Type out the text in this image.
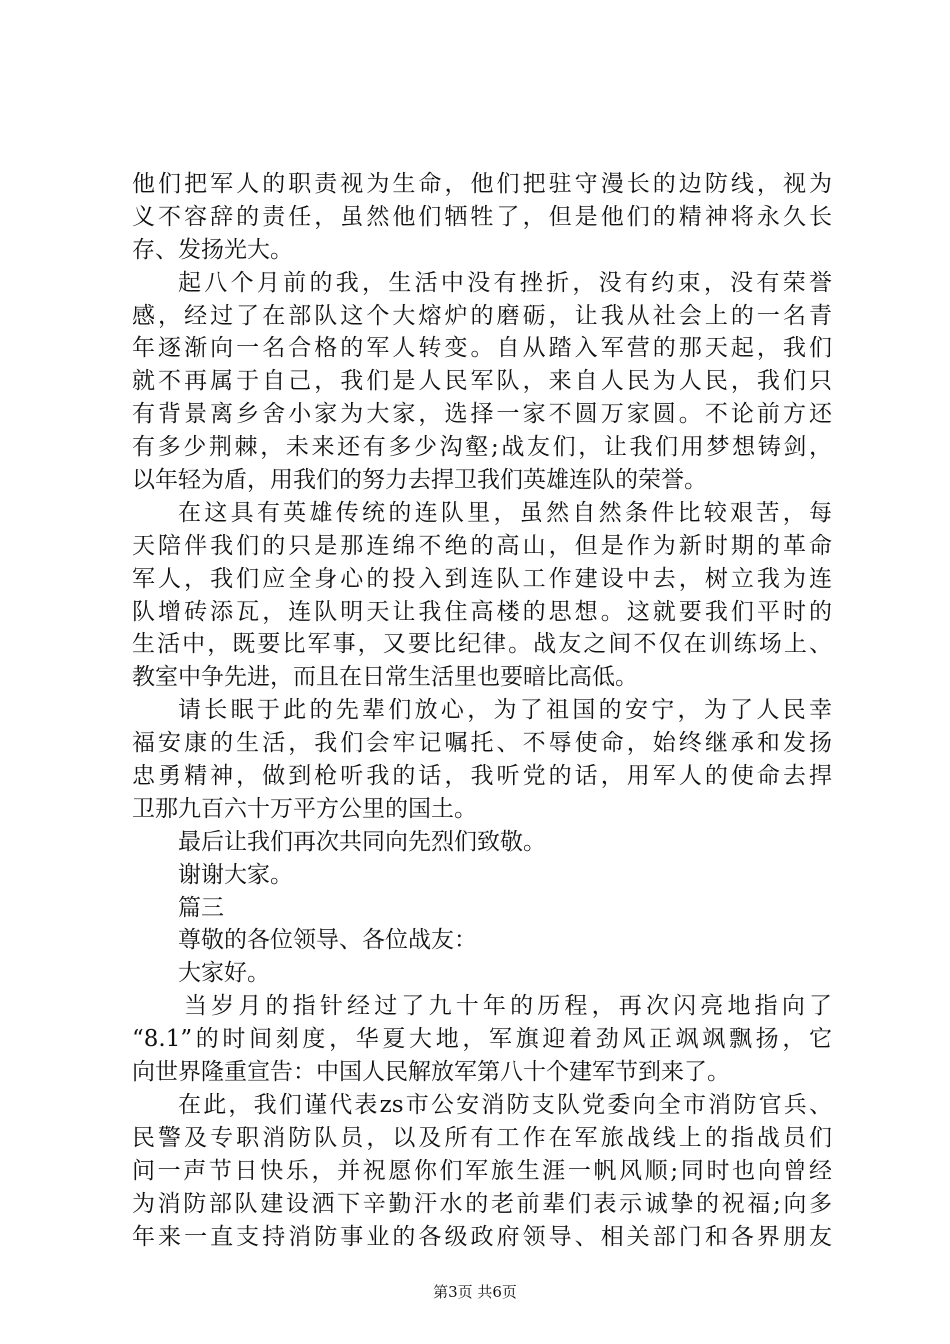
他们把军人的职责视为生命，他们把驻守漫长的边防线，视为
义不容辞的责任，虽然他们牺牲了，但是他们的精神将永久长
存、发扬光大。
起八个月前的我，生活中没有挫折，没有约束，没有荣誉
感，经过了在部队这个大熔炉的磨砺，让我从社会上的一名青
年逐渐向一名合格的军人转变。自从踏入军营的那天起，我们
就不再属于自己，我们是人民军队，来自人民为人民，我们只
有背景离乡舍小家为大家，选择一家不圆万家圆。不论前方还
有多少荆棘，未来还有多少沟壑;战友们，让我们用梦想铸剑，
以年轻为盾，用我们的努力去捍卫我们英雄连队的荣誉。
在这具有英雄传统的连队里，虽然自然条件比较艰苦，每
天陪伴我们的只是那连绵不绝的高山，但是作为新时期的革命
军人，我们应全身心的投入到连队工作建设中去，树立我为连
队增砖添瓦，连队明天让我住高楼的思想。这就要我们平时的
生活中，既要比军事，又要比纪律。战友之间不仅在训练场上、
教室中争先进，而且在日常生活里也要暗比高低。
请长眠于此的先辈们放心，为了祖国的安宁，为了人民幸
福安康的生活，我们会牢记嘱托、不辱使命，始终继承和发扬
忠勇精神，做到枪听我的话，我听党的话，用军人的使命去捍
卫那九百六十万平方公里的国土。
最后让我们再次共同向先烈们致敬。
谢谢大家。
篇三
尊敬的各位领导、各位战友：
大家好。
当岁月的指针经过了九十年的历程，再次闪亮地指向了
“8.1”的时间刻度，华夏大地，军旗迎着劲风正飒飒飘扬，它
向世界隆重宣告：中国人民解放军第八十个建军节到来了。
在此，我们谨代表zs市公安消防支队党委向全市消防官兵、
民警及专职消防队员，以及所有工作在军旅战线上的指战员们
问一声节日快乐，并祝愿你们军旅生涯一帆风顺;同时也向曾经
为消防部队建设洒下辛勤汗水的老前辈们表示诚挚的祝福;向多
年来一直支持消防事业的各级政府领导、相关部门和各界朋友
第3页 共6页
